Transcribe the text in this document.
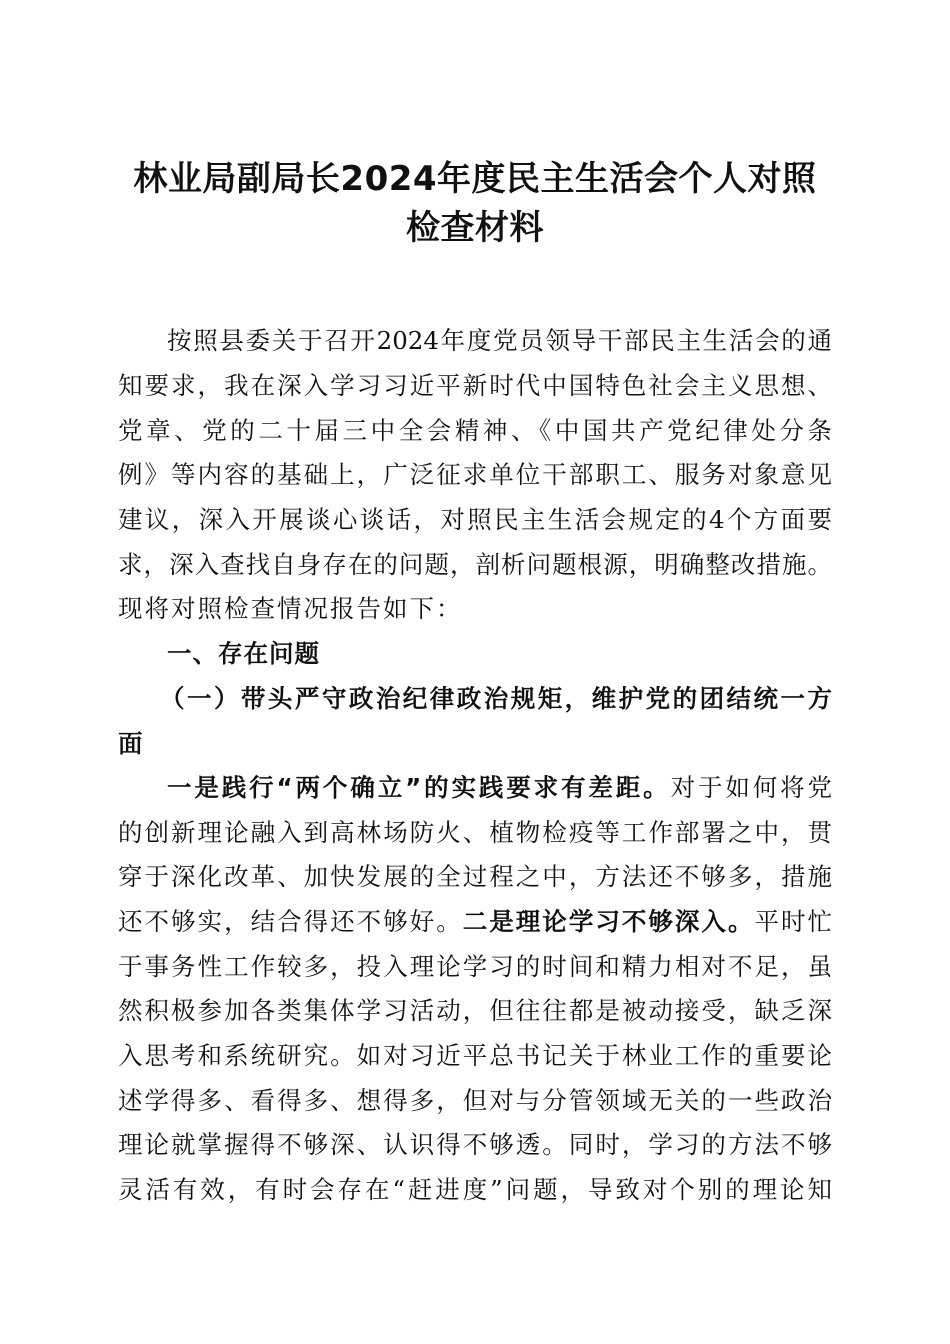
林业局副局长2024年度民主生活会个人对照
检查材料
按照县委关于召开2024年度党员领导干部民主生活会的通
知要求，我在深入学习习近平新时代中国特色社会主义思想、
党章、党的二十届三中全会精神、《中国共产党纪律处分条
例》等内容的基础上，广泛征求单位干部职工、服务对象意见
建议，深入开展谈心谈话，对照民主生活会规定的4个方面要
求，深入查找自身存在的问题，剖析问题根源，明确整改措施。
现将对照检查情况报告如下：
一、存在问题
（一）带头严守政治纪律政治规矩，维护党的团结统一方
面
一是践行“两个确立”的实践要求有差距。对于如何将党
的创新理论融入到高林场防火、植物检疫等工作部署之中，贯
穿于深化改革、加快发展的全过程之中，方法还不够多，措施
还不够实，结合得还不够好。二是理论学习不够深入。平时忙
于事务性工作较多，投入理论学习的时间和精力相对不足，虽
然积极参加各类集体学习活动，但往往都是被动接受，缺乏深
入思考和系统研究。如对习近平总书记关于林业工作的重要论
述学得多、看得多、想得多，但对与分管领域无关的一些政治
理论就掌握得不够深、认识得不够透。同时，学习的方法不够
灵活有效，有时会存在“赶进度”问题，导致对个别的理论知
